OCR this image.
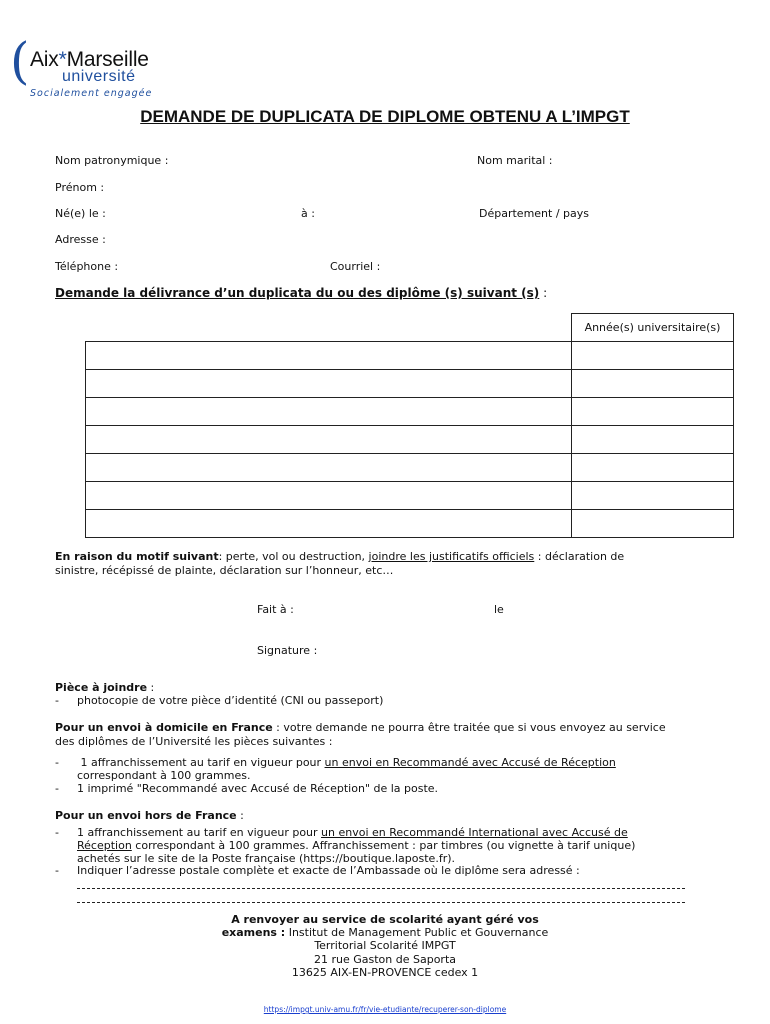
( Aix*Marseille
université
Socialement engagée
DEMANDE DE DUPLICATA DE DIPLOME OBTENU A L’IMPGT
Nom patronymique :	Nom marital :
Prénom :
Né(e) le :	à :	Département / pays
Adresse :
Téléphone :	Courriel :
Demande la délivrance d’un duplicata du ou des diplôme (s) suivant (s) :
	Année(s) universitaire(s)

En raison du motif suivant: perte, vol ou destruction, joindre les justificatifs officiels : déclaration de sinistre, récépissé de plainte, déclaration sur l’honneur, etc…
Fait à :	le
Signature :
Pièce à joindre :
- photocopie de votre pièce d’identité (CNI ou passeport)
Pour un envoi à domicile en France : votre demande ne pourra être traitée que si vous envoyez au service des diplômes de l’Université les pièces suivantes :
- 1 affranchissement au tarif en vigueur pour un envoi en Recommandé avec Accusé de Réception
correspondant à 100 grammes.
- 1 imprimé "Recommandé avec Accusé de Réception" de la poste.
Pour un envoi hors de France :
- 1 affranchissement au tarif en vigueur pour un envoi en Recommandé International avec Accusé de
Réception correspondant à 100 grammes. Affranchissement : par timbres (ou vignette à tarif unique)
achetés sur le site de la Poste française (https://boutique.laposte.fr).
- Indiquer l’adresse postale complète et exacte de l’Ambassade où le diplôme sera adressé :
A renvoyer au service de scolarité ayant géré vos
examens : Institut de Management Public et Gouvernance
Territorial Scolarité IMPGT
21 rue Gaston de Saporta
13625 AIX-EN-PROVENCE cedex 1
https://impgt.univ-amu.fr/fr/vie-etudiante/recuperer-son-diplome
